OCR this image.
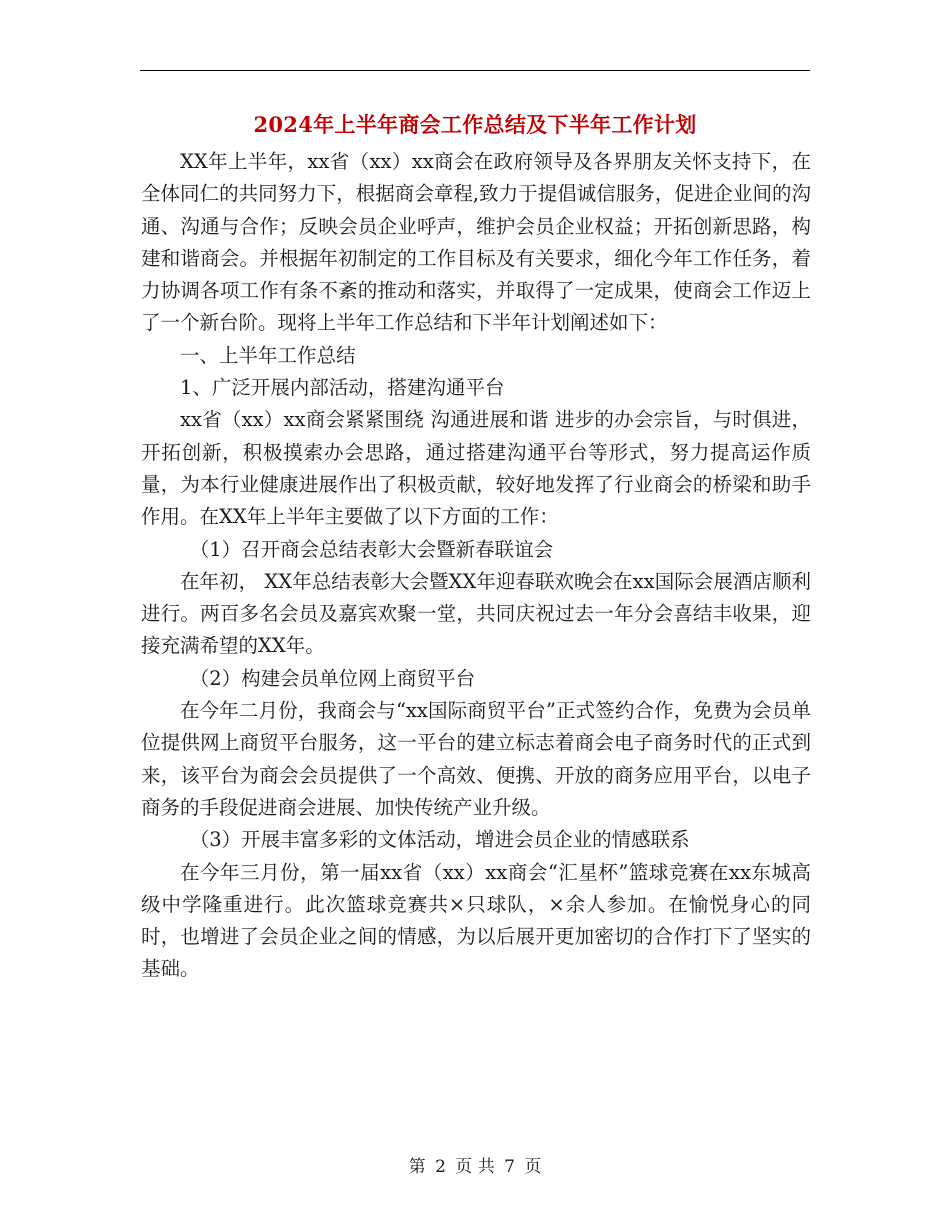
2024年上半年商会工作总结及下半年工作计划

XX年上半年，xx省（xx）xx商会在政府领导及各界朋友关怀支持下，在全体同仁的共同努力下，根据商会章程,致力于提倡诚信服务，促进企业间的沟通、沟通与合作；反映会员企业呼声，维护会员企业权益；开拓创新思路，构建和谐商会。并根据年初制定的工作目标及有关要求，细化今年工作任务，着力协调各项工作有条不紊的推动和落实，并取得了一定成果，使商会工作迈上了一个新台阶。现将上半年工作总结和下半年计划阐述如下：

一、上半年工作总结

1、广泛开展内部活动，搭建沟通平台

xx省（xx）xx商会紧紧围绕 沟通进展和谐 进步的办会宗旨，与时俱进，开拓创新，积极摸索办会思路，通过搭建沟通平台等形式，努力提高运作质量，为本行业健康进展作出了积极贡献，较好地发挥了行业商会的桥梁和助手作用。在XX年上半年主要做了以下方面的工作：

（1）召开商会总结表彰大会暨新春联谊会

在年初， XX年总结表彰大会暨XX年迎春联欢晚会在xx国际会展酒店顺利进行。两百多名会员及嘉宾欢聚一堂，共同庆祝过去一年分会喜结丰收果，迎接充满希望的XX年。

（2）构建会员单位网上商贸平台

在今年二月份，我商会与“xx国际商贸平台”正式签约合作，免费为会员单位提供网上商贸平台服务，这一平台的建立标志着商会电子商务时代的正式到来，该平台为商会会员提供了一个高效、便携、开放的商务应用平台，以电子商务的手段促进商会进展、加快传统产业升级。

（3）开展丰富多彩的文体活动，增进会员企业的情感联系

在今年三月份，第一届xx省（xx）xx商会“汇星杯”篮球竞赛在xx东城高级中学隆重进行。此次篮球竞赛共×只球队，×余人参加。在愉悦身心的同时，也增进了会员企业之间的情感，为以后展开更加密切的合作打下了坚实的基础。

第 2 页 共 7 页
